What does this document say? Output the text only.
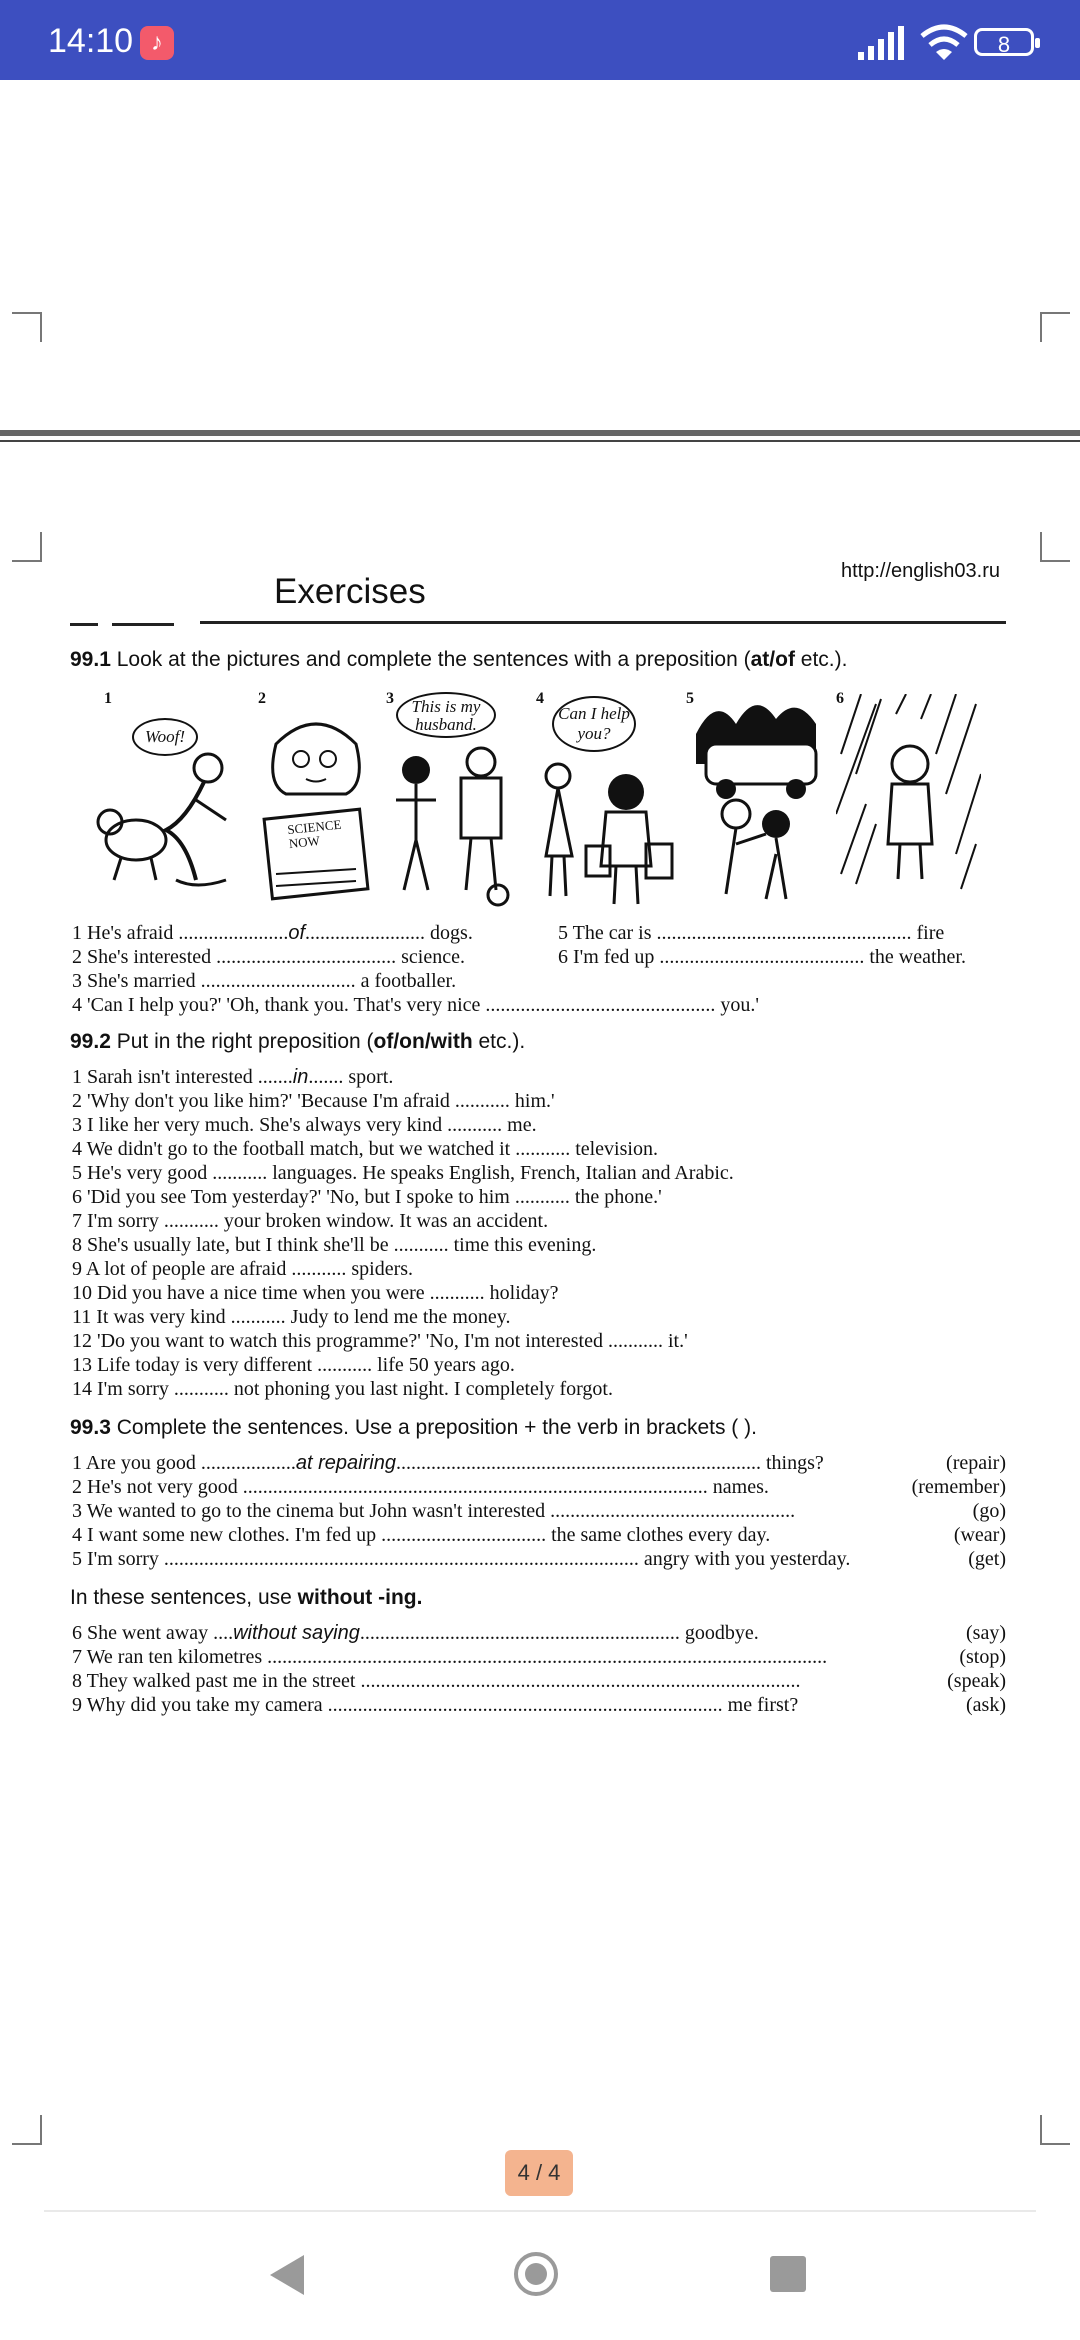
14:10 ♪	8
http://english03.ru
Exercises
99.1 Look at the pictures and complete the sentences with a preposition (at/of etc.).
1
Woof!
2
SCIENCE NOW
3	This is my husband.
4
Can I help you?
5	6
1 He's afraid ......................of........................ dogs.	5 The car is ................................................... fire
2 She's interested .................................... science.	6 I'm fed up ......................................... the weather.
3 She's married ............................... a footballer.
4 'Can I help you?' 'Oh, thank you. That's very nice .............................................. you.'
99.2 Put in the right preposition (of/on/with etc.).
1 Sarah isn't interested .......in....... sport.
2 'Why don't you like him?' 'Because I'm afraid ........... him.'
3 I like her very much. She's always very kind ........... me.
4 We didn't go to the football match, but we watched it ........... television.
5 He's very good ........... languages. He speaks English, French, Italian and Arabic.
6 'Did you see Tom yesterday?' 'No, but I spoke to him ........... the phone.'
7 I'm sorry ........... your broken window. It was an accident.
8 She's usually late, but I think she'll be ........... time this evening.
9 A lot of people are afraid ........... spiders.
10 Did you have a nice time when you were ........... holiday?
11 It was very kind ........... Judy to lend me the money.
12 'Do you want to watch this programme?' 'No, I'm not interested ........... it.'
13 Life today is very different ........... life 50 years ago.
14 I'm sorry ........... not phoning you last night. I completely forgot.
99.3 Complete the sentences. Use a preposition + the verb in brackets ( ).
1 Are you good ...................at repairing......................................................................... things?	(repair)
2 He's not very good ............................................................................................. names.	(remember)
3 We wanted to go to the cinema but John wasn't interested .................................................	(go)
4 I want some new clothes. I'm fed up ................................. the same clothes every day.	(wear)
5 I'm sorry ............................................................................................... angry with you yesterday.	(get)
In these sentences, use without -ing.
6 She went away ....without saying................................................................ goodbye.	(say)
7 We ran ten kilometres ................................................................................................................	(stop)
8 They walked past me in the street ........................................................................................	(speak)
9 Why did you take my camera ............................................................................... me first?	(ask)
4 / 4
